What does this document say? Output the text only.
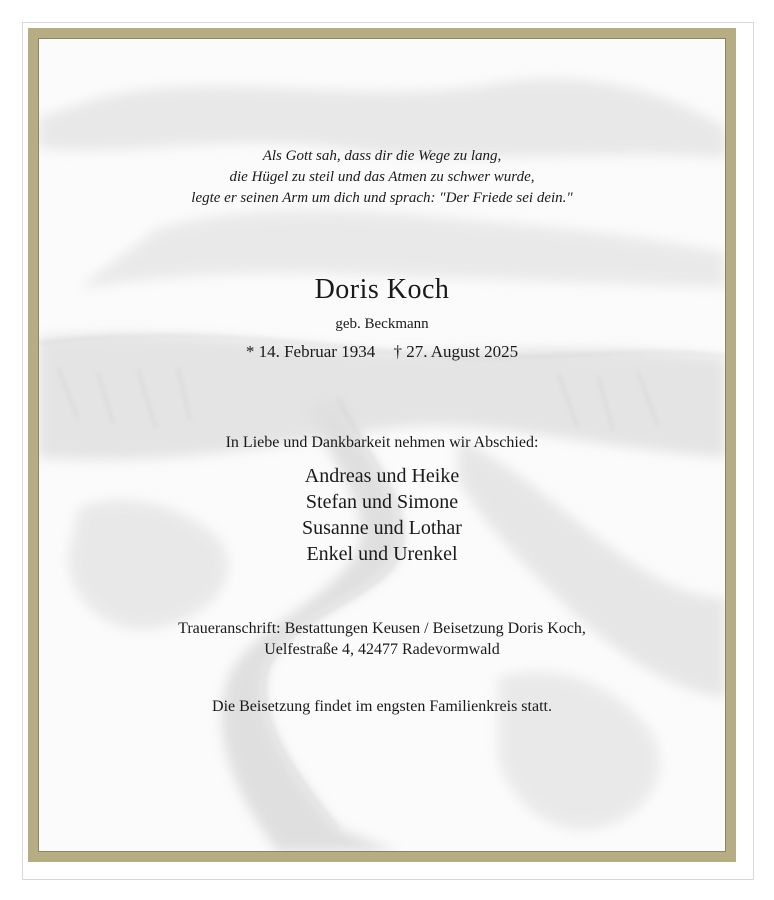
Als Gott sah, dass dir die Wege zu lang,
die Hügel zu steil und das Atmen zu schwer wurde,
legte er seinen Arm um dich und sprach: "Der Friede sei dein."
Doris Koch
geb. Beckmann
* 14. Februar 1934 † 27. August 2025
In Liebe und Dankbarkeit nehmen wir Abschied:
Andreas und Heike
Stefan und Simone
Susanne und Lothar
Enkel und Urenkel
Traueranschrift: Bestattungen Keusen / Beisetzung Doris Koch,
Uelfestraße 4, 42477 Radevormwald
Die Beisetzung findet im engsten Familienkreis statt.
